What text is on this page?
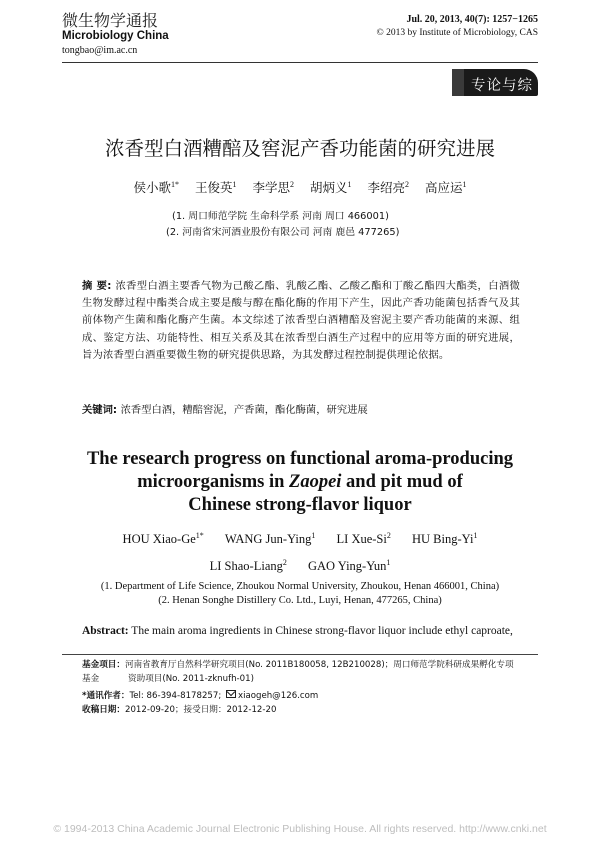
微生物学通报
Microbiology China
tongbao@im.ac.cn
Jul. 20, 2013, 40(7): 1257−1265
© 2013 by Institute of Microbiology, CAS
专论与综述
浓香型白酒糟醅及窖泥产香功能菌的研究进展
侯小歌$^{1*}$ 王俊英$^1$ 李学思$^2$ 胡炳义$^1$ 李绍亮$^2$ 高应运$^1$
(1. 周口师范学院 生命科学系 河南 周口 466001)
(2. 河南省宋河酒业股份有限公司 河南 鹿邑 477265)
摘 要: 浓香型白酒主要香气物为己酸乙酯、乳酸乙酯、乙酸乙酯和丁酸乙酯四大酯类，白酒微生物发酵过程中酯类合成主要是酸与醇在酯化酶的作用下产生，因此产香功能菌包括香气及其前体物产生菌和酯化酶产生菌。本文综述了浓香型白酒糟醅及窖泥主要产香功能菌的来源、组成、鉴定方法、功能特性、相互关系及其在浓香型白酒生产过程中的应用等方面的研究进展，旨为浓香型白酒重要微生物的研究提供思路，为其发酵过程控制提供理论依据。
关键词: 浓香型白酒，糟醅窖泥，产香菌，酯化酶菌，研究进展
The research progress on functional aroma-producing
microorganisms in Zaopei and pit mud of
Chinese strong-flavor liquor
HOU Xiao-$Ge^{1*}$ WANG Jun-Ying$^1$ LI Xue-Si$^2$ HU Bing-Yi$^1$
LI Shao-Liang$^2$ GAO Ying-Yun$^1$
(1. Department of Life Science, Zhoukou Normal University, Zhoukou, Henan 466001, China)
(2. Henan Songhe Distillery Co. Ltd., Luyi, Henan, 477265, China)
Abstract: The main aroma ingredients in Chinese strong-flavor liquor include ethyl caproate,
基金项目：河南省教育厅自然科学研究项目(No. 2011B180058, 12B210028)；周口师范学院科研成果孵化专项基金	资助项目(No. 2011-zknufh-01)
*通讯作者：Tel: 86-394-8178257; xiaogeh@126.com
收稿日期：2012-09-20；接受日期：2012-12-20
© 1994-2013 China Academic Journal Electronic Publishing House. All rights reserved. http://www.cnki.net
